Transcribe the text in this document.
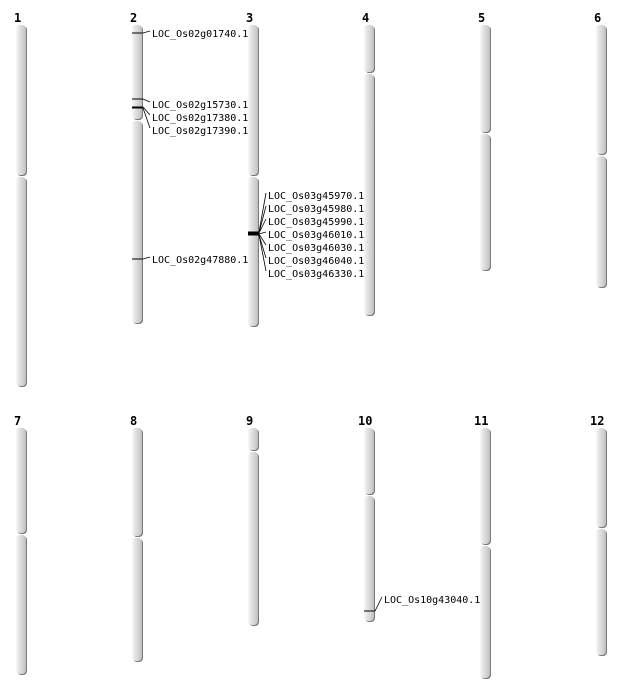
1	2
LOC_Os02g01740.1
LOC_Os02g15730.1
LOC_Os02g17380.1
LOC_Os02g17390.1
LOC_Os02g47880.1
3
LOC_Os03g45970.1
LOC_Os03g45980.1
LOC_Os03g45990.1
LOC_Os03g46010.1
LOC_Os03g46030.1
LOC_Os03g46040.1
LOC_Os03g46330.1
4	5	6
7	8	9	10
LOC_Os10g43040.1
11	12
